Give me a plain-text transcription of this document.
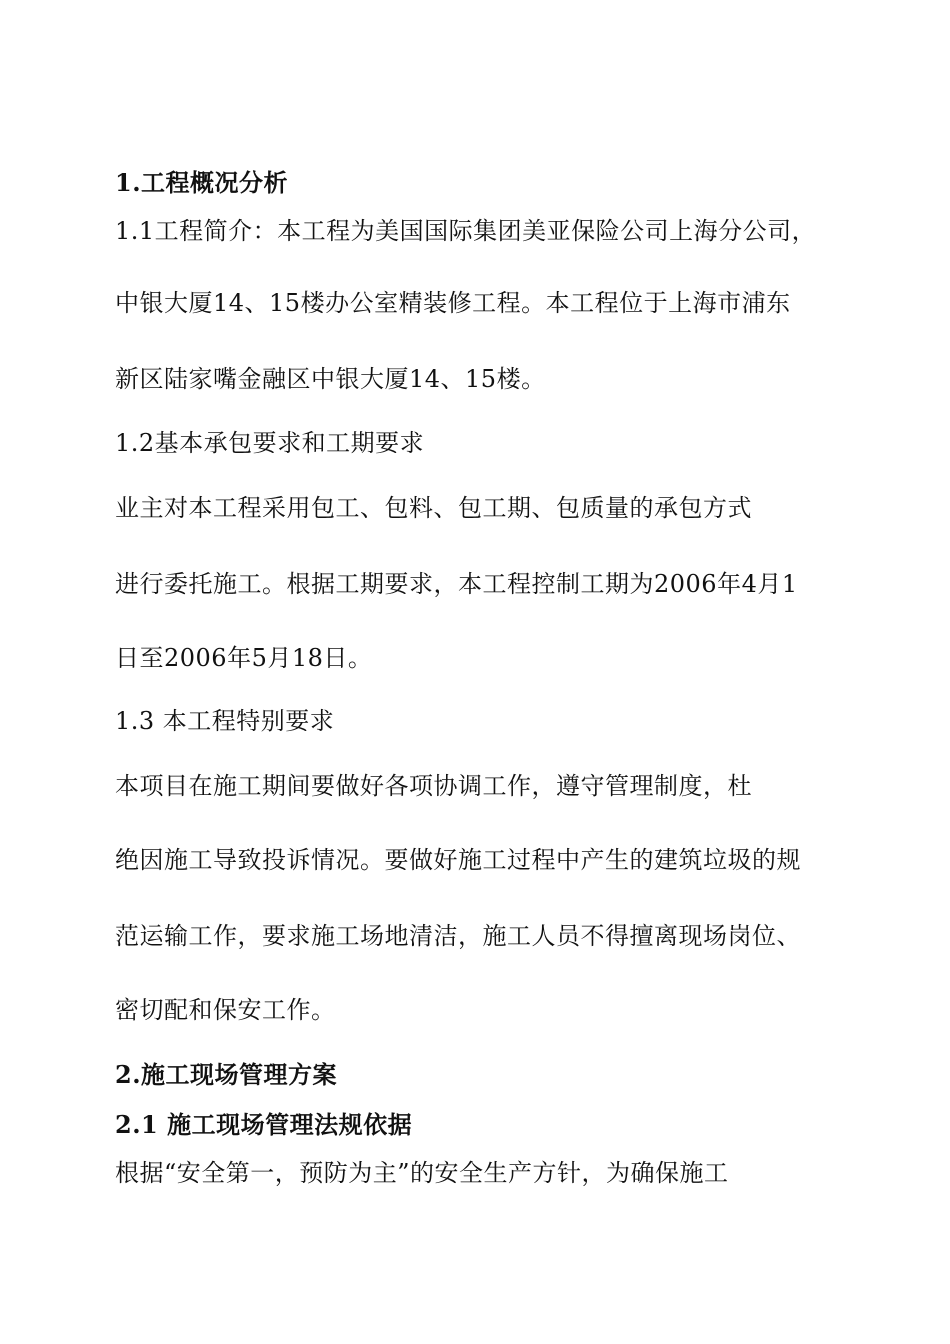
1.工程概况分析
1.1工程简介：本工程为美国国际集团美亚保险公司上海分公司，
中银大厦14、15楼办公室精装修工程。本工程位于上海市浦东
新区陆家嘴金融区中银大厦14、15楼。
1.2基本承包要求和工期要求
业主对本工程采用包工、包料、包工期、包质量的承包方式
进行委托施工。根据工期要求，本工程控制工期为2006年4月1
日至2006年5月18日。
1.3 本工程特别要求
本项目在施工期间要做好各项协调工作，遵守管理制度，杜
绝因施工导致投诉情况。要做好施工过程中产生的建筑垃圾的规
范运输工作，要求施工场地清洁，施工人员不得擅离现场岗位、
密切配和保安工作。
2.施工现场管理方案
2.1 施工现场管理法规依据
根据“安全第一，预防为主”的安全生产方针，为确保施工
